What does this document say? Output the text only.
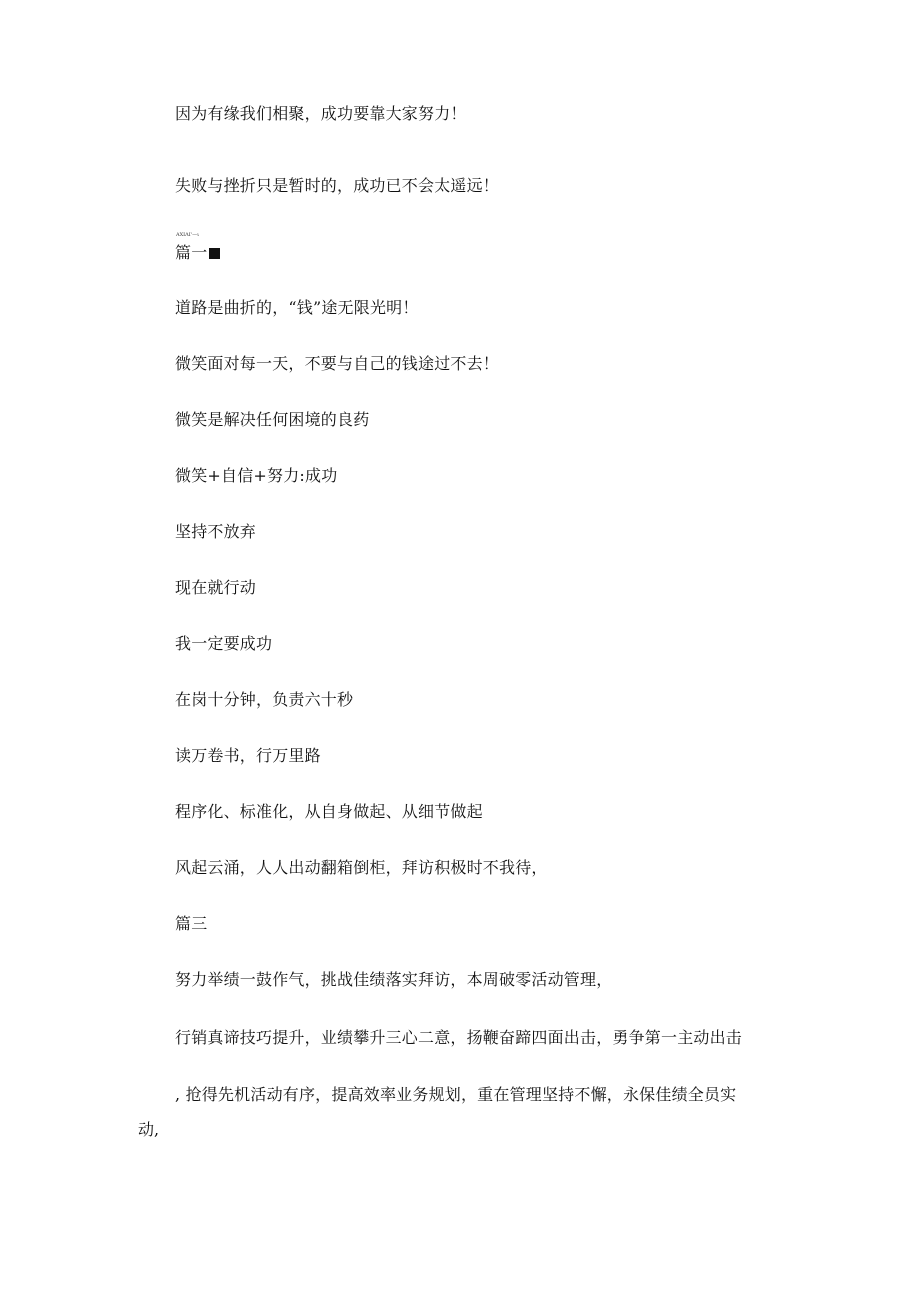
因为有缘我们相聚，成功要靠大家努力！
失败与挫折只是暂时的，成功已不会太遥远！
ΑΧΙΛΙ'—ι
篇一
道路是曲折的，“钱”途无限光明！
微笑面对每一天，不要与自己的钱途过不去！
微笑是解决任何困境的良药
微笑+自信+努力:成功
坚持不放弃
现在就行动
我一定要成功
在岗十分钟，负责六十秒
读万卷书，行万里路
程序化、标准化，从自身做起、从细节做起
风起云涌，人人出动翻箱倒柜，拜访积极时不我待，
篇三
努力举绩一鼓作气，挑战佳绩落实拜访，本周破零活动管理，
行销真谛技巧提升，业绩攀升三心二意，扬鞭奋蹄四面出击，勇争第一主动出击
, 抢得先机活动有序，提高效率业务规划，重在管理坚持不懈，永保佳绩全员实
动,
